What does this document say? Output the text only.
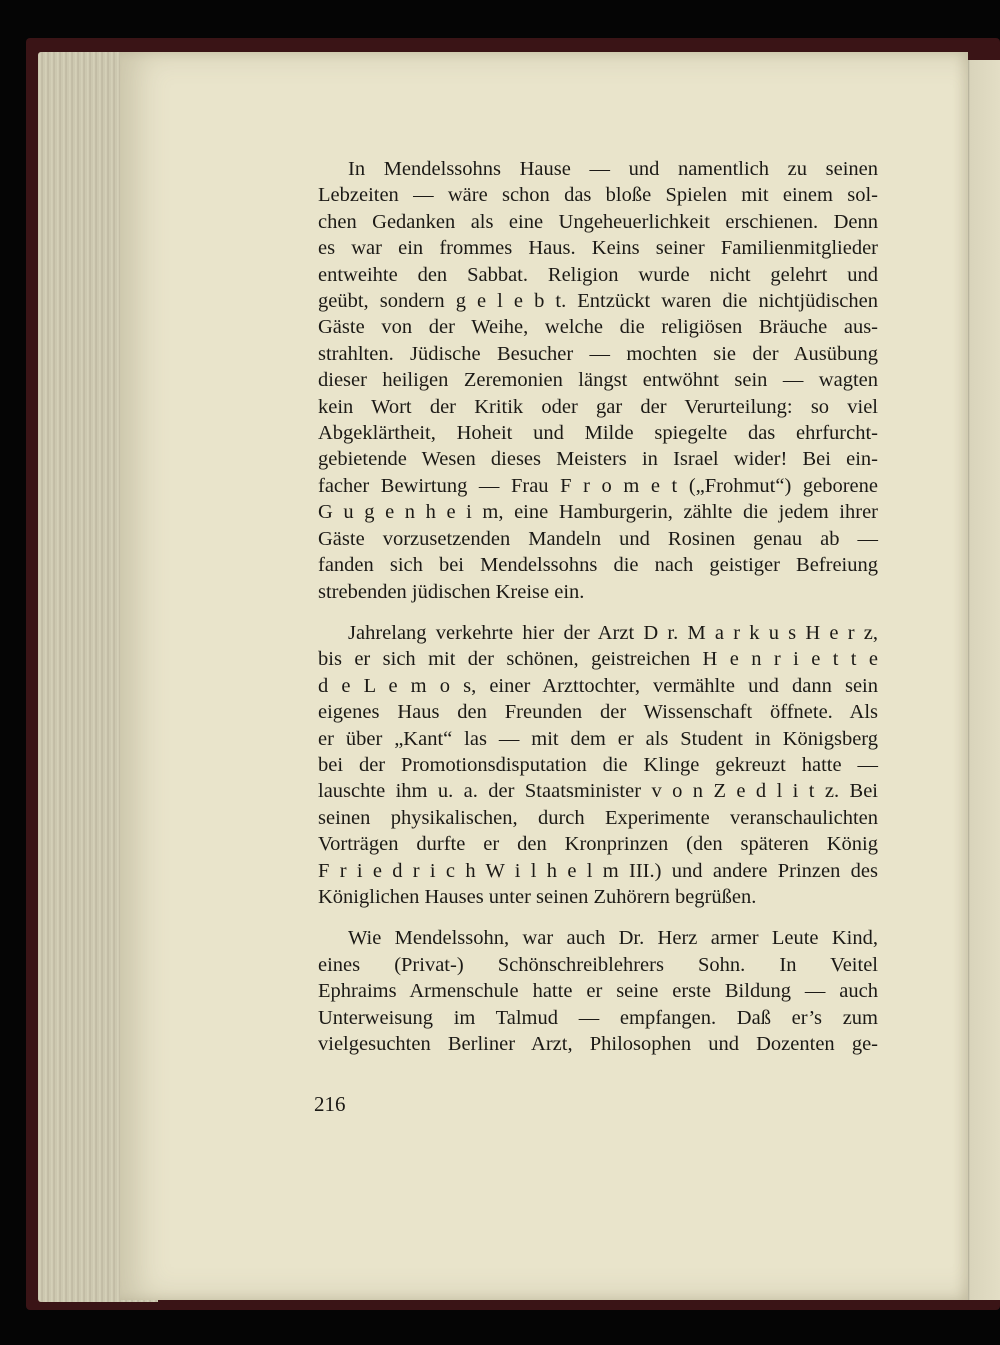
In Mendelssohns Hause — und namentlich zu seinen
Lebzeiten — wäre schon das bloße Spielen mit einem sol-
chen Gedanken als eine Ungeheuerlichkeit erschienen. Denn
es war ein frommes Haus. Keins seiner Familienmitglieder
entweihte den Sabbat. Religion wurde nicht gelehrt und
geübt, sondern g e l e b t. Entzückt waren die nichtjüdischen
Gäste von der Weihe, welche die religiösen Bräuche aus-
strahlten. Jüdische Besucher — mochten sie der Ausübung
dieser heiligen Zeremonien längst entwöhnt sein — wagten
kein Wort der Kritik oder gar der Verurteilung: so viel
Abgeklärtheit, Hoheit und Milde spiegelte das ehrfurcht-
gebietende Wesen dieses Meisters in Israel wider! Bei ein-
facher Bewirtung — Frau F r o m e t („Frohmut“) geborene
G u g e n h e i m, eine Hamburgerin, zählte die jedem ihrer
Gäste vorzusetzenden Mandeln und Rosinen genau ab —
fanden sich bei Mendelssohns die nach geistiger Befreiung
strebenden jüdischen Kreise ein.
Jahrelang verkehrte hier der Arzt D r. M a r k u s H e r z,
bis er sich mit der schönen, geistreichen H e n r i e t t e
d e L e m o s, einer Arzttochter, vermählte und dann sein
eigenes Haus den Freunden der Wissenschaft öffnete. Als
er über „Kant“ las — mit dem er als Student in Königsberg
bei der Promotionsdisputation die Klinge gekreuzt hatte —
lauschte ihm u. a. der Staatsminister v o n Z e d l i t z. Bei
seinen physikalischen, durch Experimente veranschaulichten
Vorträgen durfte er den Kronprinzen (den späteren König
F r i e d r i c h W i l h e l m III.) und andere Prinzen des
Königlichen Hauses unter seinen Zuhörern begrüßen.
Wie Mendelssohn, war auch Dr. Herz armer Leute Kind,
eines (Privat-) Schönschreiblehrers Sohn. In Veitel
Ephraims Armenschule hatte er seine erste Bildung — auch
Unterweisung im Talmud — empfangen. Daß er’s zum
vielgesuchten Berliner Arzt, Philosophen und Dozenten ge-
216
